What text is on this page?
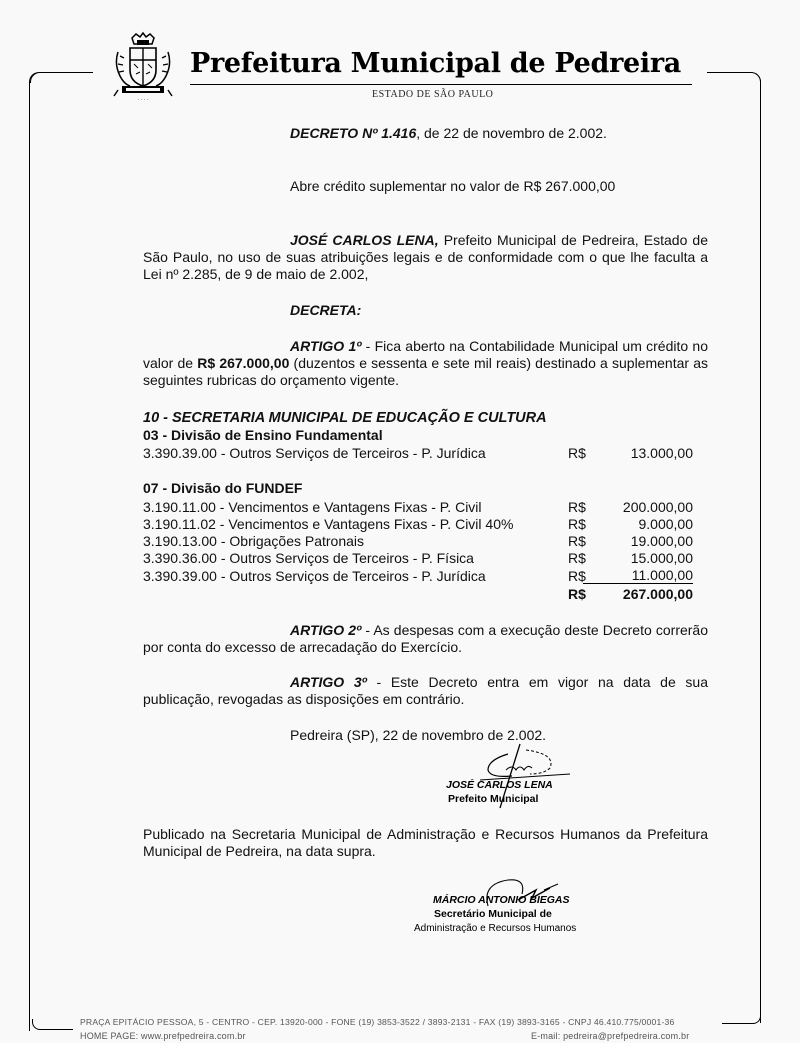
· · · ·
Prefeitura Municipal de Pedreira
ESTADO DE SÃO PAULO
DECRETO Nº 1.416, de 22 de novembro de 2.002.
Abre crédito suplementar no valor de R$ 267.000,00
JOSÉ CARLOS LENA, Prefeito Municipal de Pedreira, Estado de São Paulo, no uso de suas atribuições legais e de conformidade com o que lhe faculta a Lei nº 2.285, de 9 de maio de 2.002,
DECRETA:
ARTIGO 1º - Fica aberto na Contabilidade Municipal um crédito no valor de R$ 267.000,00 (duzentos e sessenta e sete mil reais) destinado a suplementar as seguintes rubricas do orçamento vigente.
10 - SECRETARIA MUNICIPAL DE EDUCAÇÃO E CULTURA
03 - Divisão de Ensino Fundamental
3.390.39.00 - Outros Serviços de Terceiros - P. Jurídica	R$	13.000,00
07 - Divisão do FUNDEF
3.190.11.00 - Vencimentos e Vantagens Fixas - P. Civil	R$	200.000,00
3.190.11.02 - Vencimentos e Vantagens Fixas - P. Civil 40%	R$	9.000,00
3.190.13.00 - Obrigações Patronais	R$	19.000,00
3.390.36.00 - Outros Serviços de Terceiros - P. Física	R$	15.000,00
3.390.39.00 - Outros Serviços de Terceiros - P. Jurídica	R$	11.000,00
R$	267.000,00
ARTIGO 2º - As despesas com a execução deste Decreto correrão por conta do excesso de arrecadação do Exercício.
ARTIGO 3º - Este Decreto entra em vigor na data de sua publicação, revogadas as disposições em contrário.
Pedreira (SP), 22 de novembro de 2.002.
JOSÉ CARLOS LENA
Prefeito Municipal
Publicado na Secretaria Municipal de Administração e Recursos Humanos da Prefeitura Municipal de Pedreira, na data supra.
MÁRCIO ANTONIO BIEGAS
Secretário Municipal de
Administração e Recursos Humanos
PRAÇA EPITÁCIO PESSOA, 5 - CENTRO - CEP. 13920-000 - FONE (19) 3853-3522 / 3893-2131 - FAX (19) 3893-3165 - CNPJ 46.410.775/0001-36
HOME PAGE: www.prefpedreira.com.br	E-mail: pedreira@prefpedreira.com.br
